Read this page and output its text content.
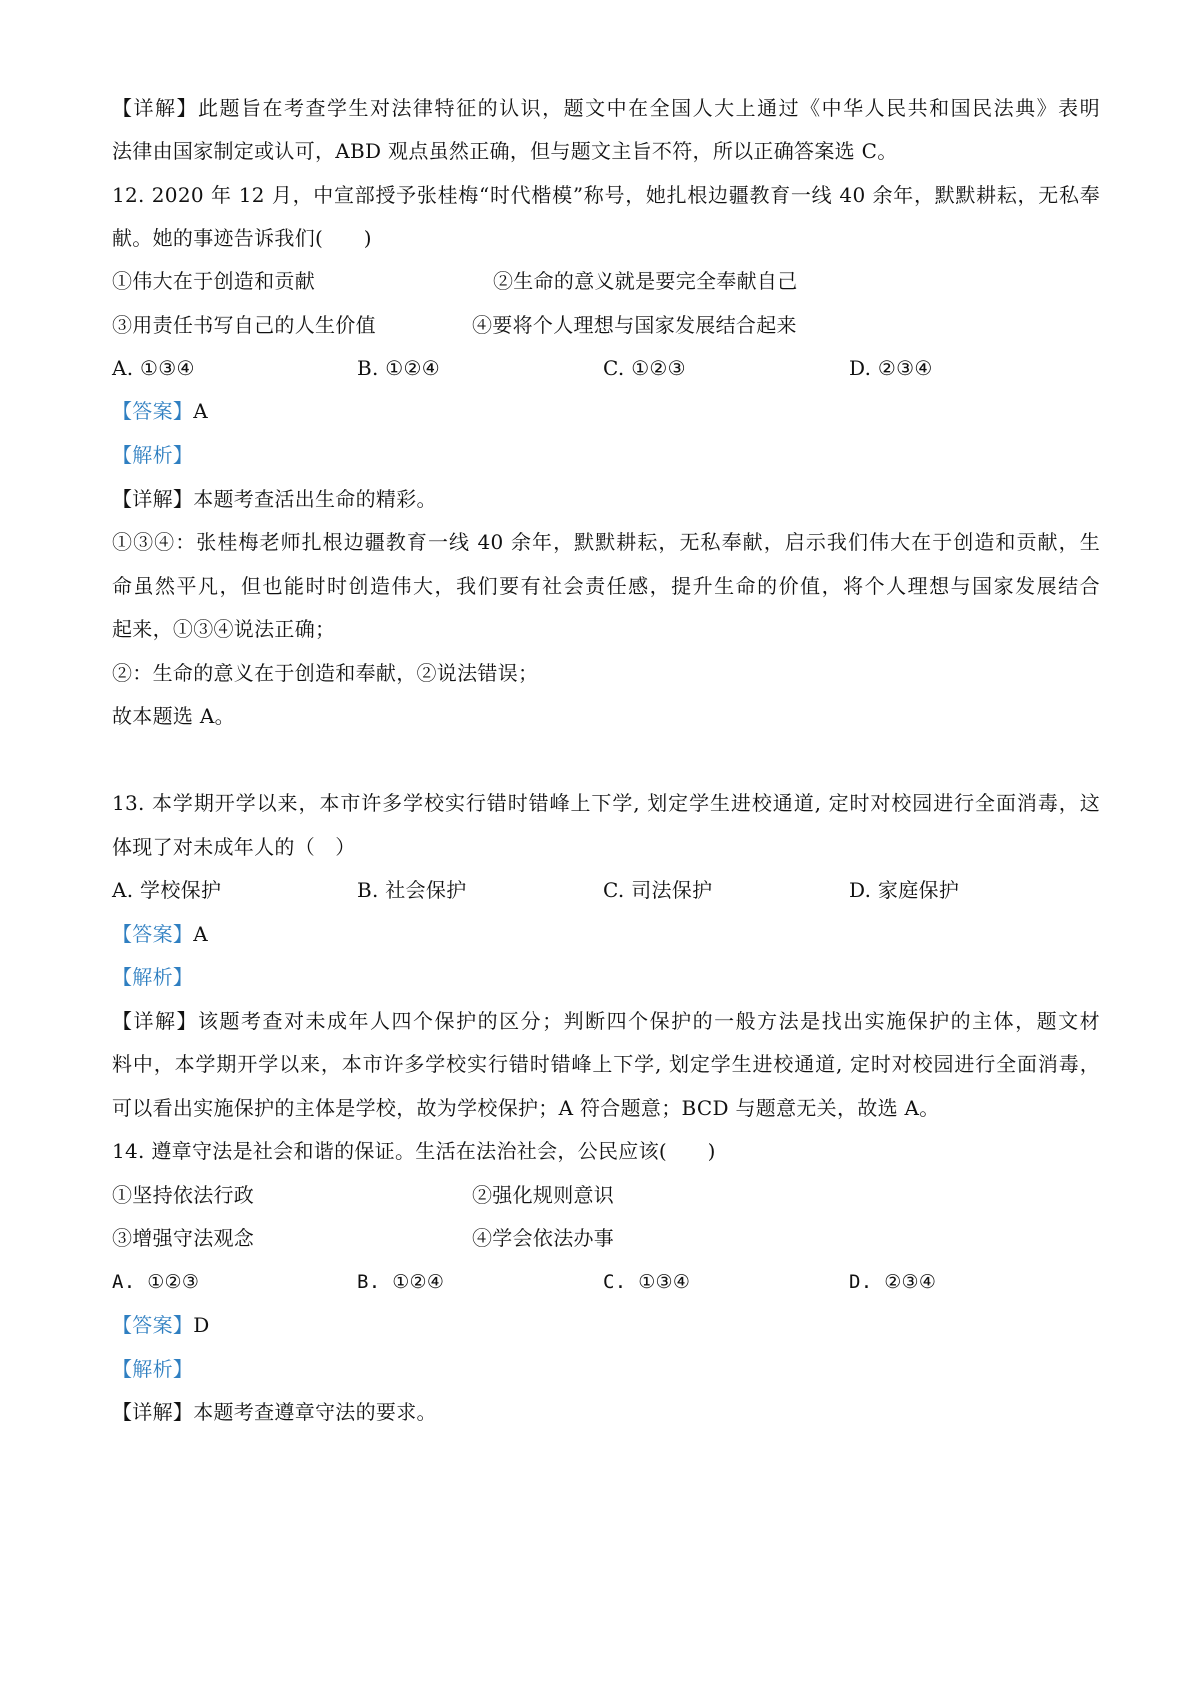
【详解】此题旨在考查学生对法律特征的认识，题文中在全国人大上通过《中华人民共和国民法典》表明
法律由国家制定或认可，ABD 观点虽然正确，但与题文主旨不符，所以正确答案选 C。
12. 2020 年 12 月，中宣部授予张桂梅“时代楷模”称号，她扎根边疆教育一线 40 余年，默默耕耘，无私奉
献。她的事迹告诉我们(　　)
①伟大在于创造和贡献	②生命的意义就是要完全奉献自己
③用责任书写自己的人生价值	④要将个人理想与国家发展结合起来
A. ①③④	B. ①②④	C. ①②③	D. ②③④
【答案】A
【解析】
【详解】本题考查活出生命的精彩。
①③④：张桂梅老师扎根边疆教育一线 40 余年，默默耕耘，无私奉献，启示我们伟大在于创造和贡献，生
命虽然平凡，但也能时时创造伟大，我们要有社会责任感，提升生命的价值，将个人理想与国家发展结合
起来，①③④说法正确；
②：生命的意义在于创造和奉献，②说法错误；
故本题选 A。
13. 本学期开学以来，本市许多学校实行错时错峰上下学, 划定学生进校通道, 定时对校园进行全面消毒，这
体现了对未成年人的（　）
A. 学校保护	B. 社会保护	C. 司法保护	D. 家庭保护
【答案】A
【解析】
【详解】该题考查对未成年人四个保护的区分；判断四个保护的一般方法是找出实施保护的主体，题文材
料中，本学期开学以来，本市许多学校实行错时错峰上下学, 划定学生进校通道, 定时对校园进行全面消毒，
可以看出实施保护的主体是学校，故为学校保护；A 符合题意；BCD 与题意无关，故选 A。
14. 遵章守法是社会和谐的保证。生活在法治社会，公民应该(　　)
①坚持依法行政	②强化规则意识
③增强守法观念	④学会依法办事
A. ①②③	B. ①②④	C. ①③④	D. ②③④
【答案】D
【解析】
【详解】本题考查遵章守法的要求。
